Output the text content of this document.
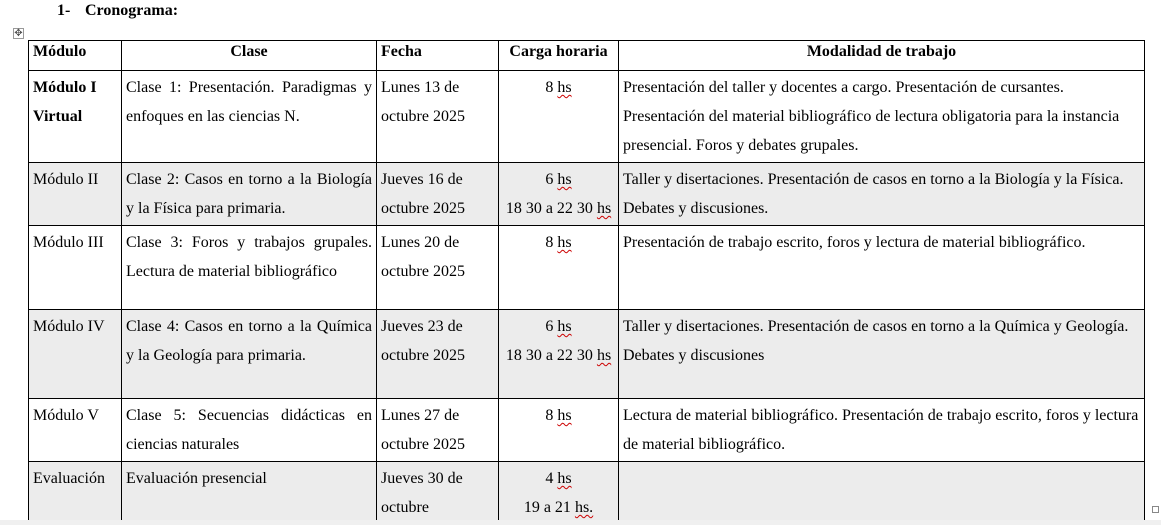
1- Cronograma:
✥
Módulo	Clase	Fecha	Carga horaria	Modalidad de trabajo

Módulo I
Virtual	Clase 1: Presentación. Paradigmas y enfoques en las ciencias N.	Lunes 13 de octubre 2025	8 hs	Presentación del taller y docentes a cargo. Presentación de cursantes. Presentación del material bibliográfico de lectura obligatoria para la instancia presencial. Foros y debates grupales.
Módulo II	Clase 2: Casos en torno a la Biología y la Física para primaria.	Jueves 16 de octubre 2025	6 hs
18 30 a 22 30 hs	Taller y disertaciones. Presentación de casos en torno a la Biología y la Física. Debates y discusiones.
Módulo III	Clase 3: Foros y trabajos grupales. Lectura de material bibliográfico	Lunes 20 de octubre 2025	8 hs	Presentación de trabajo escrito, foros y lectura de material bibliográfico.
Módulo IV	Clase 4: Casos en torno a la Química y la Geología para primaria.	Jueves 23 de octubre 2025	6 hs
18 30 a 22 30 hs	Taller y disertaciones. Presentación de casos en torno a la Química y Geología. Debates y discusiones
Módulo V	Clase 5: Secuencias didácticas en ciencias naturales	Lunes 27 de octubre 2025	8 hs	Lectura de material bibliográfico. Presentación de trabajo escrito, foros y lectura de material bibliográfico.
Evaluación	Evaluación presencial	Jueves 30 de octubre	4 hs
19 a 21 hs.	
